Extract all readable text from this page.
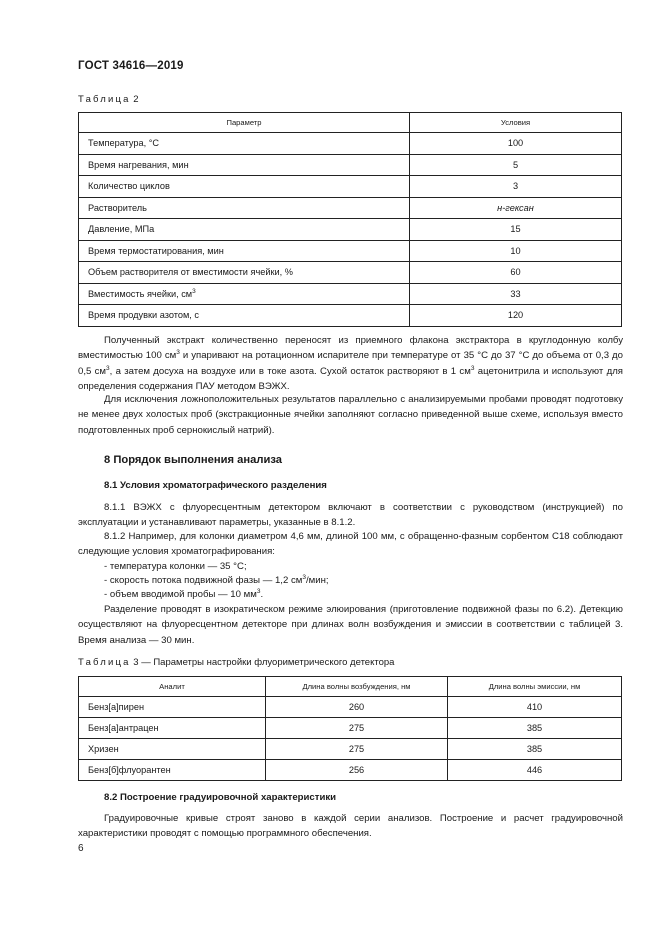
ГОСТ 34616—2019
Таблица 2
Параметр	Условия
Температура, °С	100
Время нагревания, мин	5
Количество циклов	3
Растворитель	н-гексан
Давление, МПа	15
Время термостатирования, мин	10
Объем растворителя от вместимости ячейки, %	60
Вместимость ячейки, $см^3$	33
Время продувки азотом, с	120
Полученный экстракт количественно переносят из приемного флакона экстрактора в круглодонную колбу вместимостью 100 $см^3$ и упаривают на ротационном испарителе при температуре от 35 °С до 37 °С до объема от 0,3 до 0,5 $см^3$, а затем досуха на воздухе или в токе азота. Сухой остаток растворяют в 1 $см^3$ ацетонитрила и используют для определения содержания ПАУ методом ВЭЖХ.
Для исключения ложноположительных результатов параллельно с анализируемыми пробами проводят подготовку не менее двух холостых проб (экстракционные ячейки заполняют согласно приведенной выше схеме, используя вместо подготовленных проб сернокислый натрий).
8 Порядок выполнения анализа
8.1 Условия хроматографического разделения
8.1.1 ВЭЖХ с флуоресцентным детектором включают в соответствии с руководством (инструкцией) по эксплуатации и устанавливают параметры, указанные в 8.1.2.
8.1.2 Например, для колонки диаметром 4,6 мм, длиной 100 мм, с обращенно-фазным сорбентом С18 соблюдают следующие условия хроматографирования:
- температура колонки — 35 °С;
- скорость потока подвижной фазы — 1,2 $см^3$/мин;
- объем вводимой пробы — 10 $мм^3$.
Разделение проводят в изократическом режиме элюирования (приготовление подвижной фазы по 6.2). Детекцию осуществляют на флуоресцентном детекторе при длинах волн возбуждения и эмиссии в соответствии с таблицей 3. Время анализа — 30 мин.
Таблица 3 — Параметры настройки флуориметрического детектора
Аналит	Длина волны возбуждения, нм	Длина волны эмиссии, нм
Бенз[а]пирен	260	410
Бенз[а]антрацен	275	385
Хризен	275	385
Бенз[б]флуорантен	256	446
8.2 Построение градуировочной характеристики
Градуировочные кривые строят заново в каждой серии анализов. Построение и расчет градуировочной характеристики проводят с помощью программного обеспечения.
6
